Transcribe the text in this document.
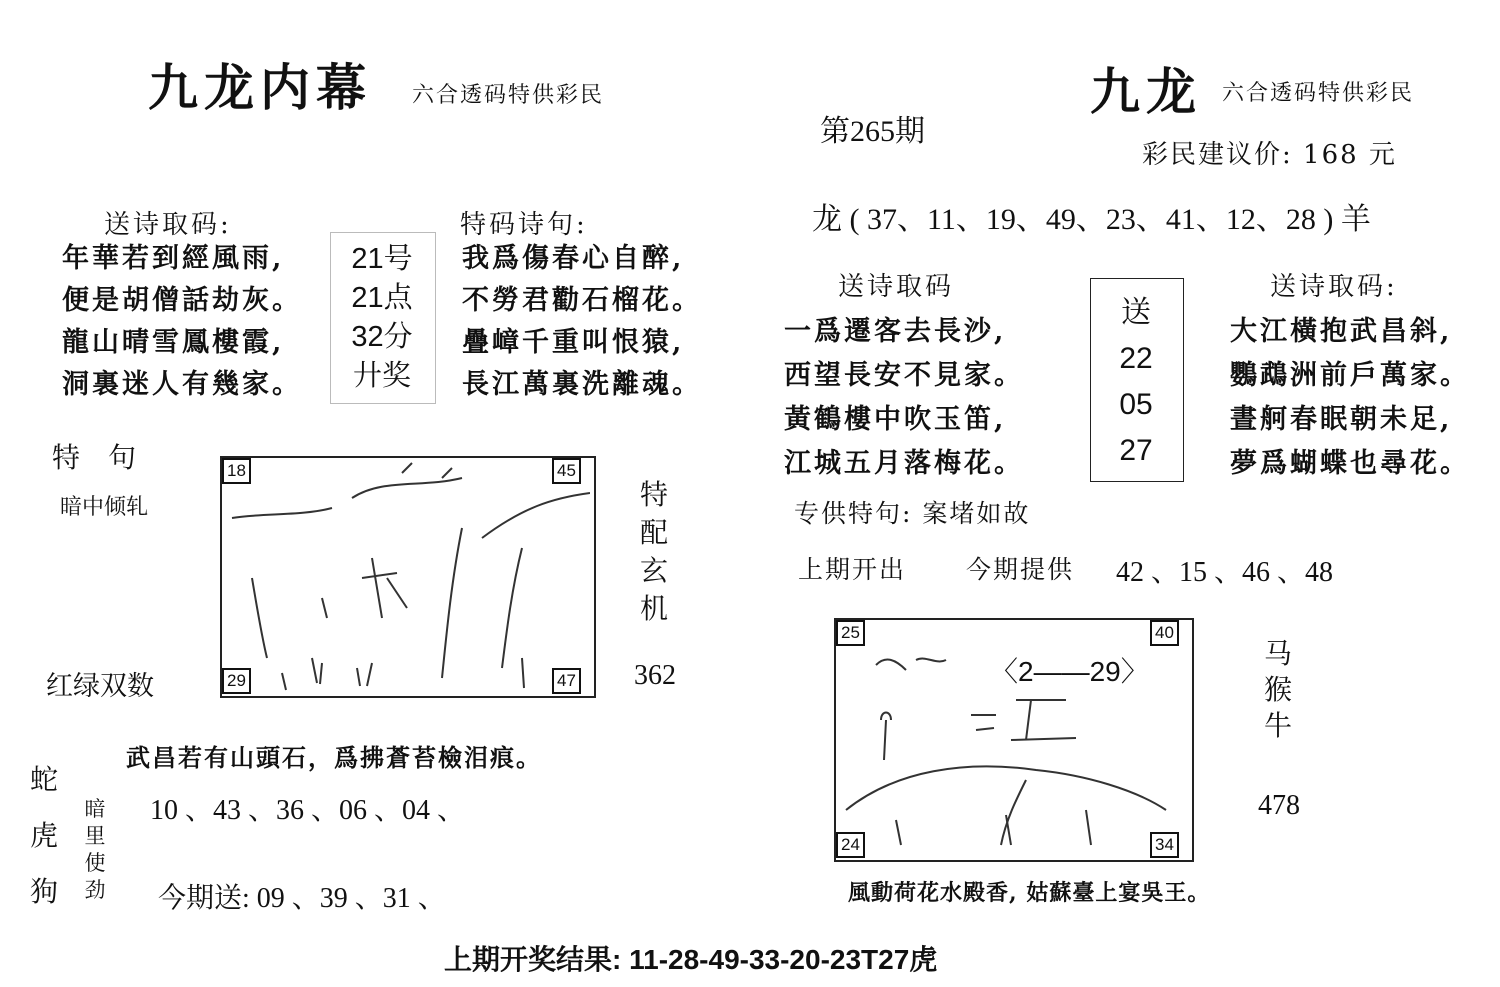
九龙内幕 六合透码特供彩民
送诗取码:	特码诗句:
年華若到經風雨,
便是胡僧話劫灰。
龍山晴雪鳳樓霞,
洞裏迷人有幾家。
21号
21点
32分
廾奖
我爲傷春心自醉,
不勞君勸石榴花。
疊嶂千重叫恨猿,
長江萬裏洗離魂。
特　句
暗中倾轧
红绿双数
18	45
29	47
特配玄机
362
蛇
虎
狗
暗
里
使
劲
武昌若有山頭石，爲拂蒼苔檢泪痕。
10 、43 、36 、06 、04 、
今期送: 09 、39 、31 、
第265期
九龙 六合透码特供彩民
彩民建议价: 168 元
龙 ( 37、11、19、49、23、41、12、28 ) 羊
送诗取码	送诗取码:
一爲遷客去長沙,
西望長安不見家。
黃鶴樓中吹玉笛,
江城五月落梅花。
送
22
05
27
大江橫抱武昌斜,
鸚鵡洲前戶萬家。
晝舸春眠朝未足,
夢爲蝴蝶也尋花。
专供特句: 案堵如故
上期开出 今期提供 42 、15 、46 、48
〈2——29〉
25	40
24	34
马
猴
牛
478
風動荷花水殿香, 姑蘇臺上宴吳王。
上期开奖结果: 11-28-49-33-20-23T27虎
